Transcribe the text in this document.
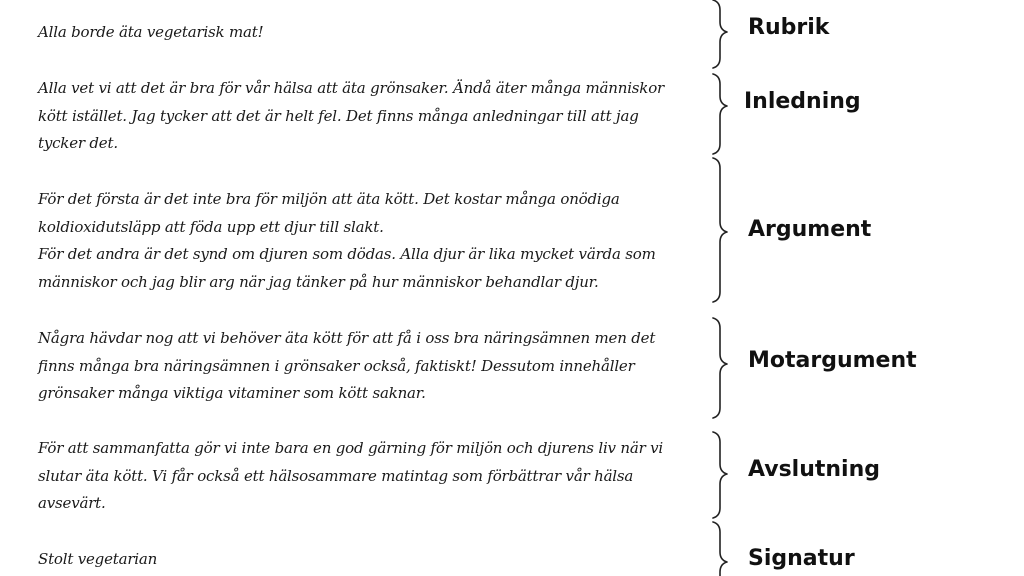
Alla borde äta vegetarisk mat!
Alla vet vi att det är bra för vår hälsa att äta grönsaker. Ändå äter många människor
kött istället. Jag tycker att det är helt fel. Det finns många anledningar till att jag
tycker det.
För det första är det inte bra för miljön att äta kött. Det kostar många onödiga
koldioxidutsläpp att föda upp ett djur till slakt.
För det andra är det synd om djuren som dödas. Alla djur är lika mycket värda som
människor och jag blir arg när jag tänker på hur människor behandlar djur.
Några hävdar nog att vi behöver äta kött för att få i oss bra näringsämnen men det
finns många bra näringsämnen i grönsaker också, faktiskt! Dessutom innehåller
grönsaker många viktiga vitaminer som kött saknar.
För att sammanfatta gör vi inte bara en god gärning för miljön och djurens liv när vi
slutar äta kött. Vi får också ett hälsosammare matintag som förbättrar vår hälsa
avsevärt.
Stolt vegetarian
Rubrik
Inledning
Argument
Motargument
Avslutning
Signatur
